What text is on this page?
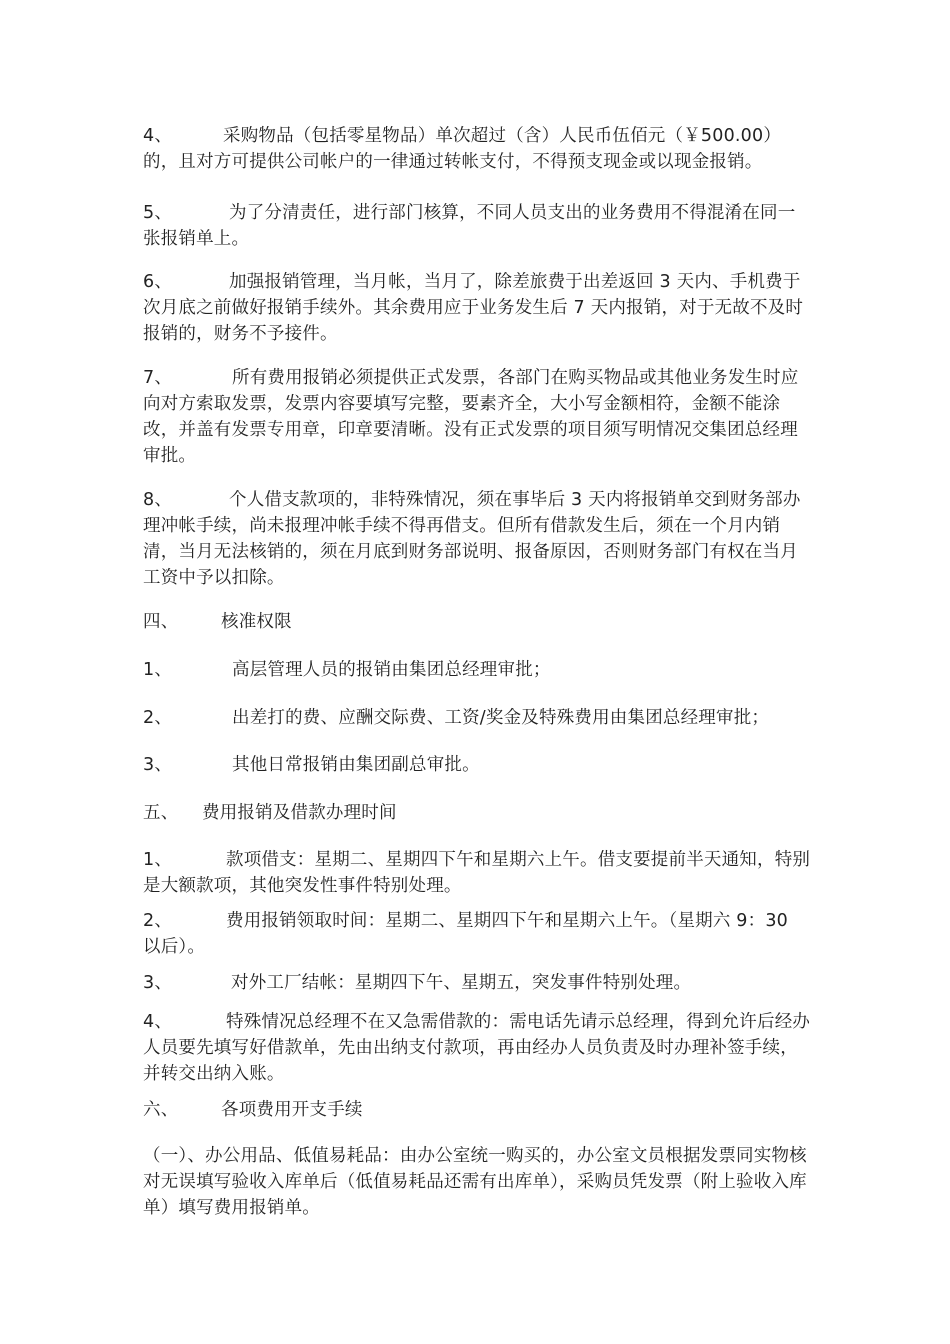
4、	采购物品（包括零星物品）单次超过（含）人民币伍佰元（￥500.00）的，且对方可提供公司帐户的一律通过转帐支付，不得预支现金或以现金报销。
5、	为了分清责任，进行部门核算，不同人员支出的业务费用不得混淆在同一张报销单上。
6、	加强报销管理，当月帐，当月了，除差旅费于出差返回 3 天内、手机费于次月底之前做好报销手续外。其余费用应于业务发生后 7 天内报销，对于无故不及时报销的，财务不予接件。
7、	所有费用报销必须提供正式发票，各部门在购买物品或其他业务发生时应向对方索取发票，发票内容要填写完整，要素齐全，大小写金额相符，金额不能涂改，并盖有发票专用章，印章要清晰。没有正式发票的项目须写明情况交集团总经理审批。
8、	个人借支款项的，非特殊情况，须在事毕后 3 天内将报销单交到财务部办理冲帐手续，尚未报理冲帐手续不得再借支。但所有借款发生后，须在一个月内销清，当月无法核销的，须在月底到财务部说明、报备原因，否则财务部门有权在当月工资中予以扣除。
四、 核准权限
1、	高层管理人员的报销由集团总经理审批；
2、	出差打的费、应酬交际费、工资/奖金及特殊费用由集团总经理审批；
3、	其他日常报销由集团副总审批。
五、 费用报销及借款办理时间
1、	款项借支：星期二、星期四下午和星期六上午。借支要提前半天通知，特别是大额款项，其他突发性事件特别处理。
2、	费用报销领取时间：星期二、星期四下午和星期六上午。（星期六 9：30 以后）。
3、	对外工厂结帐：星期四下午、星期五，突发事件特别处理。
4、	特殊情况总经理不在又急需借款的：需电话先请示总经理，得到允许后经办人员要先填写好借款单，先由出纳支付款项，再由经办人员负责及时办理补签手续，并转交出纳入账。
六、 各项费用开支手续
（一）、办公用品、低值易耗品：由办公室统一购买的，办公室文员根据发票同实物核对无误填写验收入库单后（低值易耗品还需有出库单），采购员凭发票（附上验收入库单）填写费用报销单。
